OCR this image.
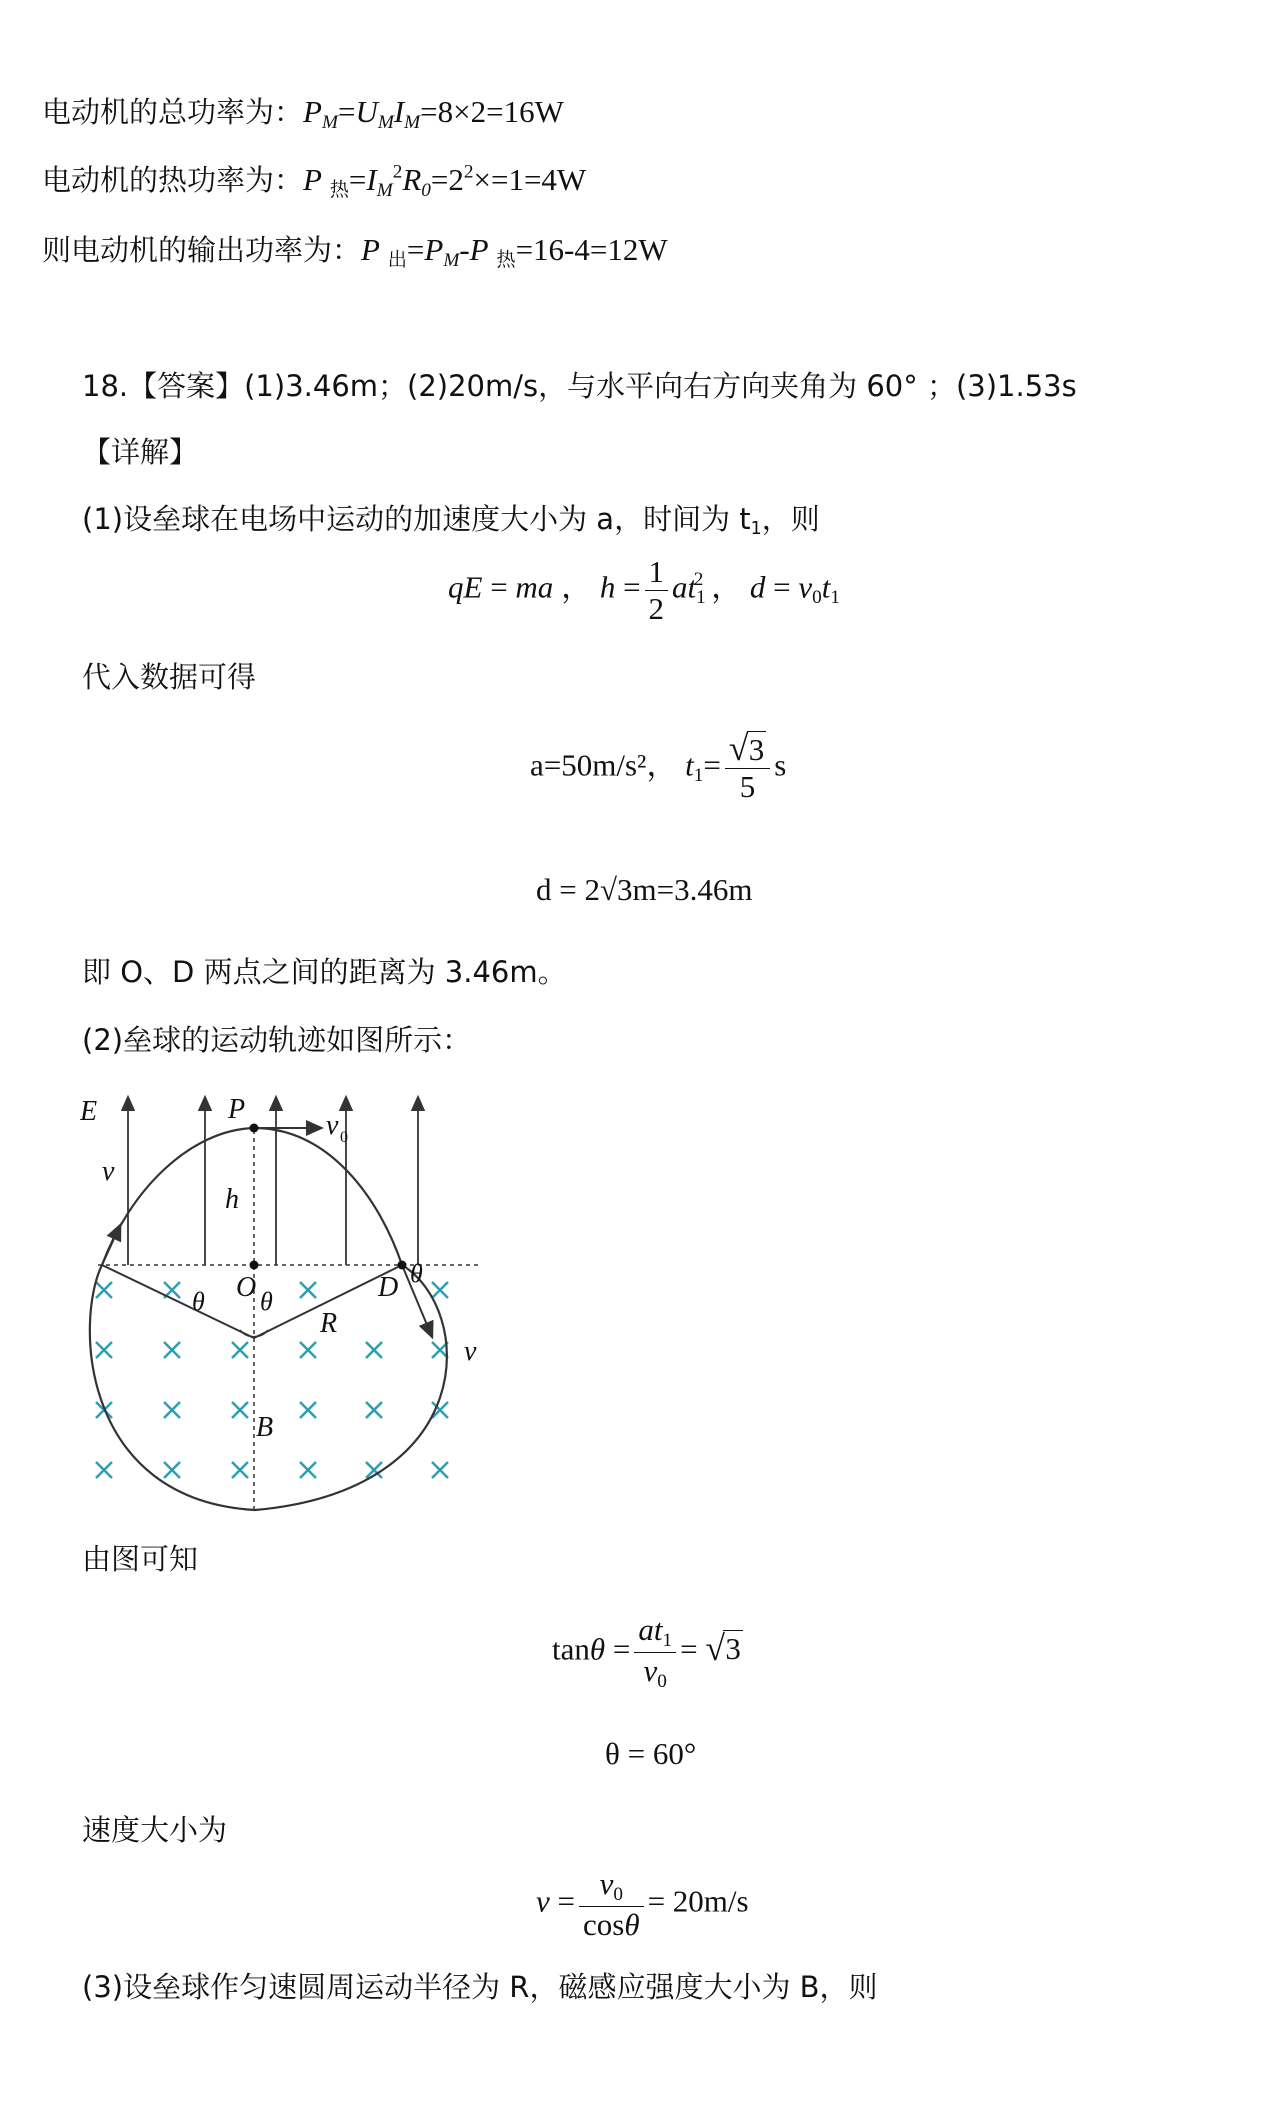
电动机的总功率为：$P_M=U_MI_M=8\times 2=16W$
电动机的热功率为：P $_热=I_M^2R_0=2^2\times=1=4W$
则电动机的输出功率为：P $_出=P_M-P$ $_热$=16-4=12W
18.【答案】(1)3.46m；(2)20m/s，与水平向右方向夹角为 60° ；(3)1.53s
【详解】
(1)设垒球在电场中运动的加速度大小为 a，时间为 $t_1$，则
qE = ma ， $h = \frac{1}{2} at_1^2$ ， $d = v_0t_1$
代入数据可得
a=50m/s²， $t_1= \frac{√ 3}{5}$ s
d = 2√3m=3.46m
即 O、D 两点之间的距离为 3.46m。
(2)垒球的运动轨迹如图所示：
E	P
v 0
h
v
θ O θ	D θ
R
v
B
由图可知
$\tan\theta = \frac{at_1}{v_0}$ = √ 3
θ = 60°
速度大小为
$v = \frac{v_0}{\cos\theta} = 20m/s$
(3)设垒球作匀速圆周运动半径为 R，磁感应强度大小为 B，则
